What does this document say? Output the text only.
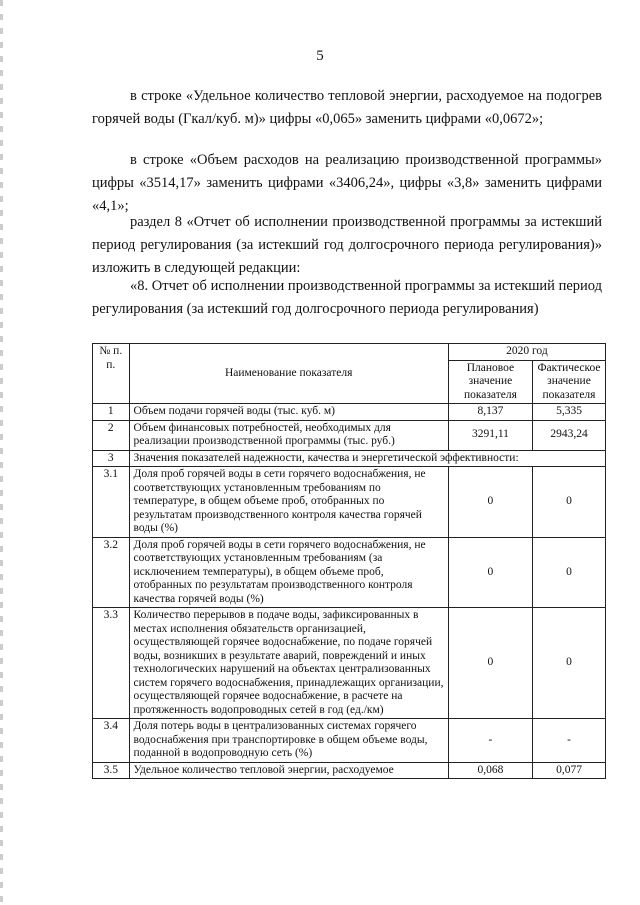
5
в строке «Удельное количество тепловой энергии, расходуемое на подогрев горячей воды (Гкал/куб. м)» цифры «0,065» заменить цифрами «0,0672»;
в строке «Объем расходов на реализацию производственной программы» цифры «3514,17» заменить цифрами «3406,24», цифры «3,8» заменить цифрами «4,1»;
раздел 8 «Отчет об исполнении производственной программы за истекший период регулирования (за истекший год долгосрочного периода регулирования)» изложить в следующей редакции:
«8. Отчет об исполнении производственной программы за истекший период регулирования (за истекший год долгосрочного периода регулирования)
№ п. п.	Наименование показателя	2020 год	
		Плановое значение показателя	Фактическое значение показателя
1	Объем подачи горячей воды (тыс. куб. м)	8,137	5,335
2	Объем финансовых потребностей, необходимых для реализации производственной программы (тыс. руб.)	3291,11	2943,24
3	Значения показателей надежности, качества и энергетической эффективности:		
3.1	Доля проб горячей воды в сети горячего водоснабжения, не соответствующих установленным требованиям по температуре, в общем объеме проб, отобранных по результатам производственного контроля качества горячей воды (%)	0	0
3.2	Доля проб горячей воды в сети горячего водоснабжения, не соответствующих установленным требованиям (за исключением температуры), в общем объеме проб, отобранных по результатам производственного контроля качества горячей воды (%)	0	0
3.3	Количество перерывов в подаче воды, зафиксированных в местах исполнения обязательств организацией, осуществляющей горячее водоснабжение, по подаче горячей воды, возникших в результате аварий, повреждений и иных технологических нарушений на объектах централизованных систем горячего водоснабжения, принадлежащих организации, осуществляющей горячее водоснабжение, в расчете на протяженность водопроводных сетей в год (ед./км)	0	0
3.4	Доля потерь воды в централизованных системах горячего водоснабжения при транспортировке в общем объеме воды, поданной в водопроводную сеть (%)	-	-
3.5	Удельное количество тепловой энергии, расходуемое	0,068	0,077
